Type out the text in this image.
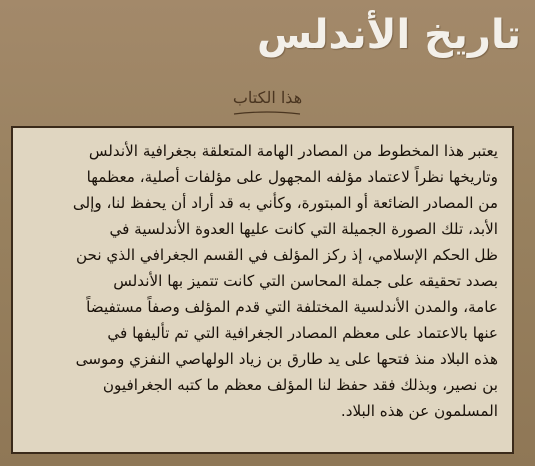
تاريخ الأندلس
هذا الكتاب

يعتبر هذا المخطوط من المصادر الهامة المتعلقة بجغرافية الأندلس
وتاريخها نظراً لاعتماد مؤلفه المجهول على مؤلفات أصلية، معظمها
من المصادر الضائعة أو المبتورة، وكأني به قد أراد أن يحفظ لنا، وإلى
الأبد، تلك الصورة الجميلة التي كانت عليها العدوة الأندلسية في
ظل الحكم الإسلامي، إذ ركز المؤلف في القسم الجغرافي الذي نحن
بصدد تحقيقه على جملة المحاسن التي كانت تتميز بها الأندلس
عامة، والمدن الأندلسية المختلفة التي قدم المؤلف وصفاً مستفيضاً
عنها بالاعتماد على معظم المصادر الجغرافية التي تم تأليفها في
هذه البلاد منذ فتحها على يد طارق بن زياد الولهاصي النفزي وموسى
بن نصير، وبذلك فقد حفظ لنا المؤلف معظم ما كتبه الجغرافيون
المسلمون عن هذه البلاد.
